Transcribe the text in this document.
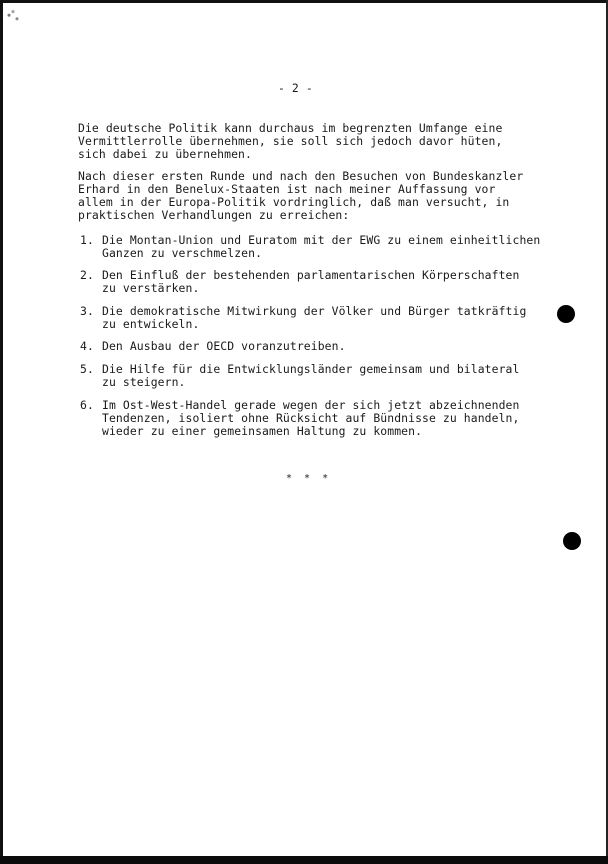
- 2 -

Die deutsche Politik kann durchaus im begrenzten Umfange eine
Vermittlerrolle übernehmen, sie soll sich jedoch davor hüten,
sich dabei zu übernehmen.

Nach dieser ersten Runde und nach den Besuchen von Bundeskanzler
Erhard in den Benelux-Staaten ist nach meiner Auffassung vor
allem in der Europa-Politik vordringlich, daß man versucht, in
praktischen Verhandlungen zu erreichen:

1. Die Montan-Union und Euratom mit der EWG zu einem einheitlichen
Ganzen zu verschmelzen.
2. Den Einfluß der bestehenden parlamentarischen Körperschaften
zu verstärken.
3. Die demokratische Mitwirkung der Völker und Bürger tatkräftig
zu entwickeln.
4. Den Ausbau der OECD voranzutreiben.
5. Die Hilfe für die Entwicklungsländer gemeinsam und bilateral
zu steigern.
6. Im Ost-West-Handel gerade wegen der sich jetzt abzeichnenden
Tendenzen, isoliert ohne Rücksicht auf Bündnisse zu handeln,
wieder zu einer gemeinsamen Haltung zu kommen.
* * *
